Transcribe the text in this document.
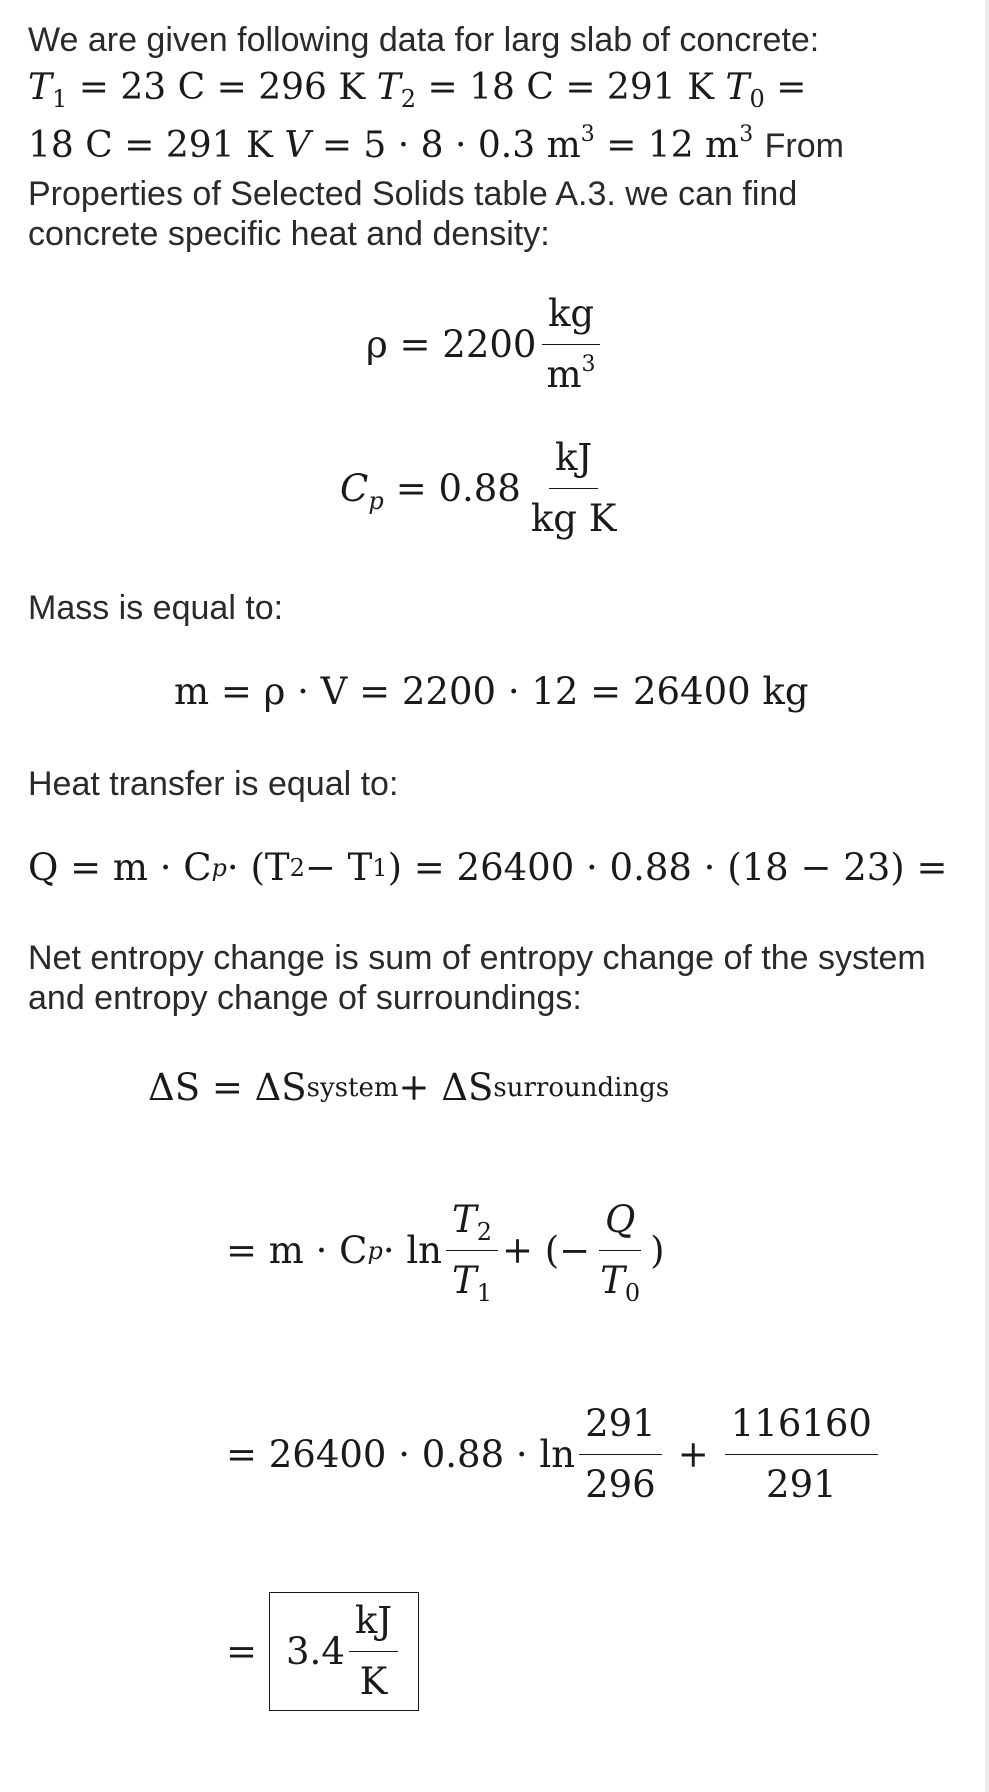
We are given following data for larg slab of concrete:

$T_1 = 23$ C = 296 K $T_2 = 18$ C = 291 K $T_0$ =
18 C = 291 K V = 5 · 8 · 0.3 $m^3 = 12$ $m^3$ From

Properties of Selected Solids table A.3. we can find concrete specific heat and density:

$\rho = 2200 \frac{kg}{m^3}$
$C_p = 0.88 \frac{kJ}{\text{kg K}}$

Mass is equal to:

m = ρ · V = 2200 · 12 = 26400 kg

Heat transfer is equal to:

Q = m · C p · (T 2 − T 1 ) = 26400 · 0.88 · (18 − 23) =

Net entropy change is sum of entropy change of the system and entropy change of surroundings:

ΔS = ΔS system + ΔS surroundings
= m · C $p \cdot \ln \frac{T_2}{T_1}$ + (− $\frac{Q}{T_0}$ )
= $26400 \cdot 0.88 \cdot \ln \frac{291}{296} + \frac{116160}{291}$
= $3.4 \frac{kJ}{K}$
